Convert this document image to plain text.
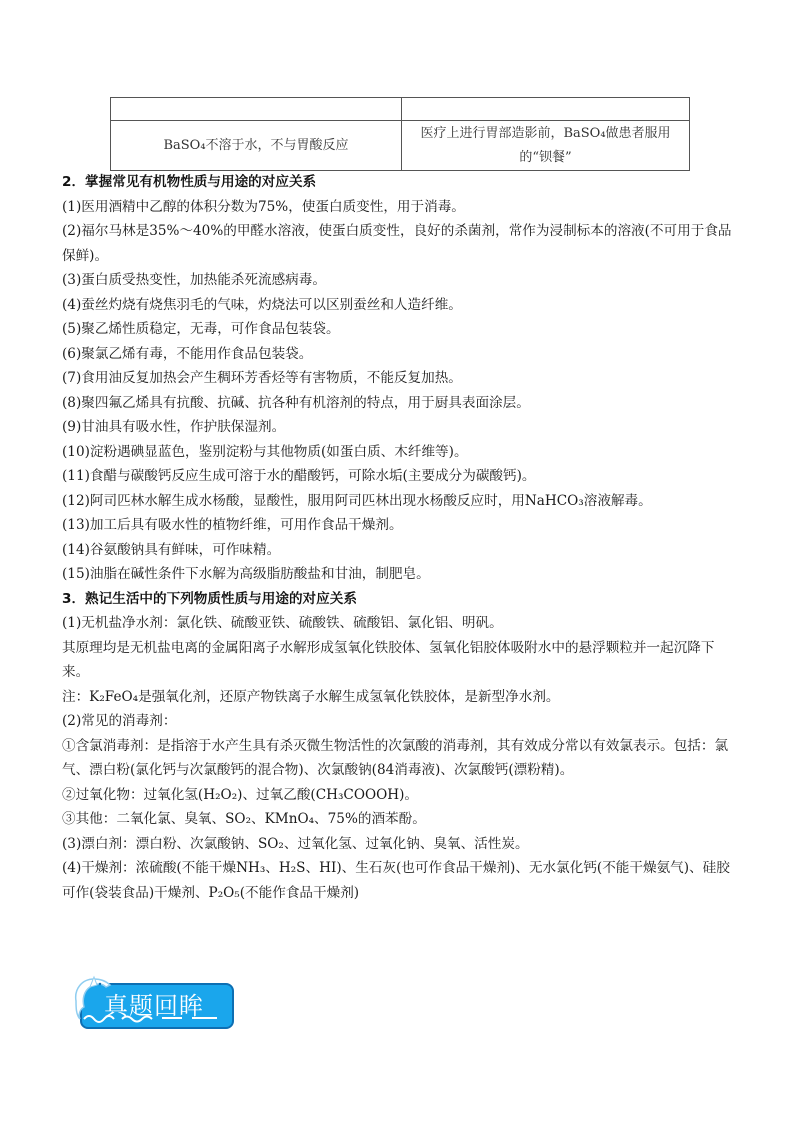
BaSO₄不溶于水，不与胃酸反应	医疗上进行胃部造影前，BaSO₄做患者服用
的“钡餐”

2．掌握常见有机物性质与用途的对应关系

(1)医用酒精中乙醇的体积分数为75%，使蛋白质变性，用于消毒。

(2)福尔马林是35%～40%的甲醛水溶液，使蛋白质变性，良好的杀菌剂，常作为浸制标本的溶液(不可用于食品保鲜)。

(3)蛋白质受热变性，加热能杀死流感病毒。

(4)蚕丝灼烧有烧焦羽毛的气味，灼烧法可以区别蚕丝和人造纤维。

(5)聚乙烯性质稳定，无毒，可作食品包装袋。

(6)聚氯乙烯有毒，不能用作食品包装袋。

(7)食用油反复加热会产生稠环芳香烃等有害物质，不能反复加热。

(8)聚四氟乙烯具有抗酸、抗碱、抗各种有机溶剂的特点，用于厨具表面涂层。

(9)甘油具有吸水性，作护肤保湿剂。

(10)淀粉遇碘显蓝色，鉴别淀粉与其他物质(如蛋白质、木纤维等)。

(11)食醋与碳酸钙反应生成可溶于水的醋酸钙，可除水垢(主要成分为碳酸钙)。

(12)阿司匹林水解生成水杨酸，显酸性，服用阿司匹林出现水杨酸反应时，用NaHCO₃溶液解毒。

(13)加工后具有吸水性的植物纤维，可用作食品干燥剂。

(14)谷氨酸钠具有鲜味，可作味精。

(15)油脂在碱性条件下水解为高级脂肪酸盐和甘油，制肥皂。

3．熟记生活中的下列物质性质与用途的对应关系

(1)无机盐净水剂：氯化铁、硫酸亚铁、硫酸铁、硫酸铝、氯化铝、明矾。

其原理均是无机盐电离的金属阳离子水解形成氢氧化铁胶体、氢氧化铝胶体吸附水中的悬浮颗粒并一起沉降下来。

注：K₂FeO₄是强氧化剂，还原产物铁离子水解生成氢氧化铁胶体，是新型净水剂。

(2)常见的消毒剂：

①含氯消毒剂：是指溶于水产生具有杀灭微生物活性的次氯酸的消毒剂，其有效成分常以有效氯表示。包括：氯气、漂白粉(氯化钙与次氯酸钙的混合物)、次氯酸钠(84消毒液)、次氯酸钙(漂粉精)。

②过氧化物：过氧化氢(H₂O₂)、过氧乙酸(CH₃COOOH)。

③其他：二氧化氯、臭氧、SO₂、KMnO₄、75%的酒苯酚。

(3)漂白剂：漂白粉、次氯酸钠、SO₂、过氧化氢、过氧化钠、臭氧、活性炭。

(4)干燥剂：浓硫酸(不能干燥NH₃、H₂S、HI)、生石灰(也可作食品干燥剂)、无水氯化钙(不能干燥氨气)、硅胶可作(袋装食品)干燥剂、P₂O₅(不能作食品干燥剂)

真题回眸
